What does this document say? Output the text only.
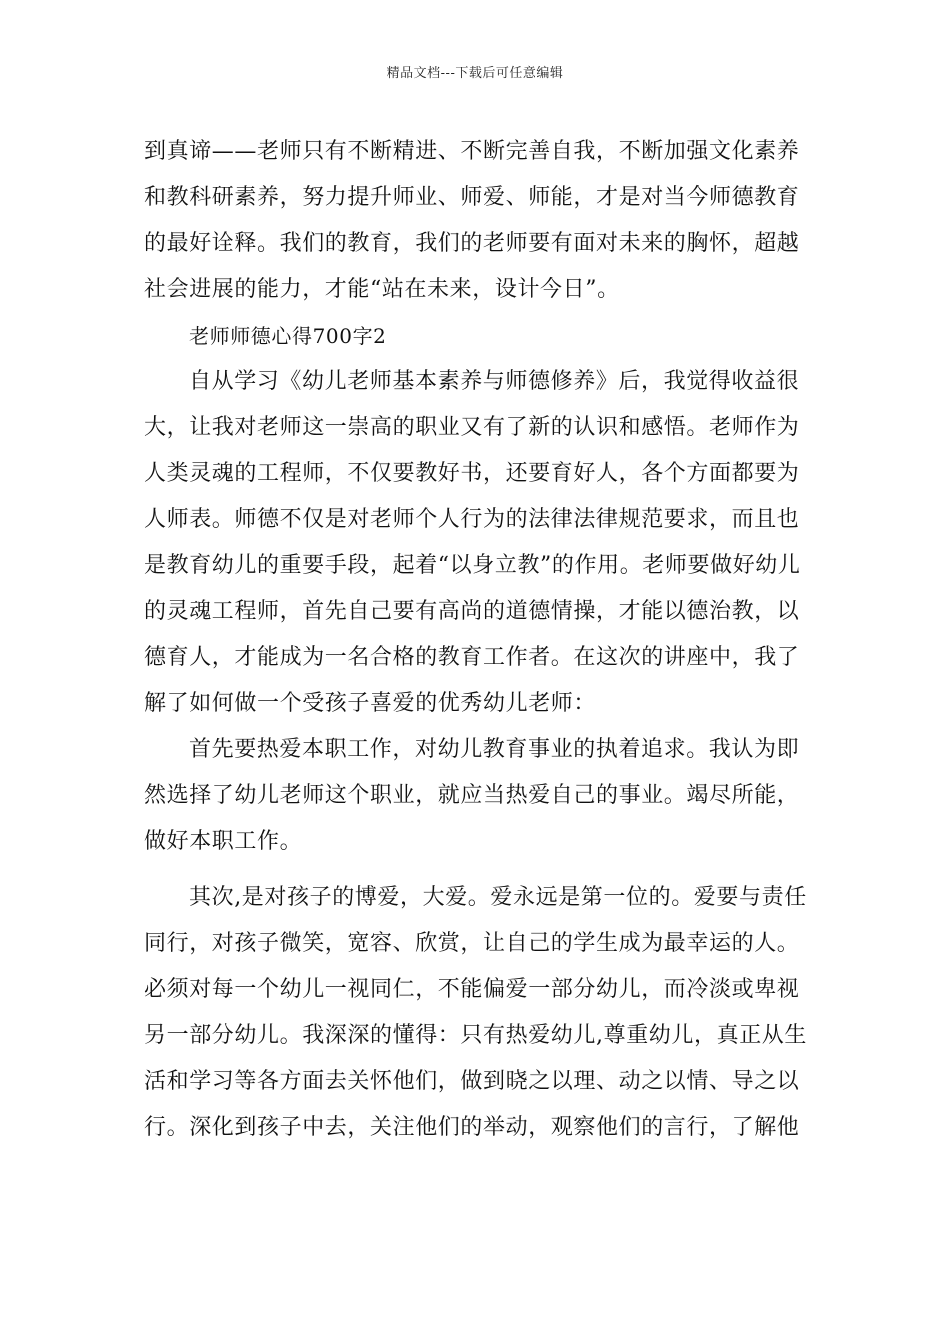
精品文档---下载后可任意编辑

到真谛——老师只有不断精进、不断完善自我，不断加强文化素养和教科研素养，努力提升师业、师爱、师能，才是对当今师德教育的最好诠释。我们的教育，我们的老师要有面对未来的胸怀，超越社会进展的能力，才能“站在未来，设计今日”。

老师师德心得700字2

自从学习《幼儿老师基本素养与师德修养》后，我觉得收益很大，让我对老师这一崇高的职业又有了新的认识和感悟。老师作为人类灵魂的工程师，不仅要教好书，还要育好人，各个方面都要为人师表。师德不仅是对老师个人行为的法律法律规范要求，而且也是教育幼儿的重要手段，起着“以身立教”的作用。老师要做好幼儿的灵魂工程师，首先自己要有高尚的道德情操，才能以德治教，以德育人，才能成为一名合格的教育工作者。在这次的讲座中，我了解了如何做一个受孩子喜爱的优秀幼儿老师：

首先要热爱本职工作，对幼儿教育事业的执着追求。我认为即然选择了幼儿老师这个职业，就应当热爱自己的事业。竭尽所能，做好本职工作。

其次,是对孩子的博爱，大爱。爱永远是第一位的。爱要与责任同行，对孩子微笑，宽容、欣赏，让自己的学生成为最幸运的人。必须对每一个幼儿一视同仁，不能偏爱一部分幼儿，而冷淡或卑视另一部分幼儿。我深深的懂得：只有热爱幼儿,尊重幼儿，真正从生活和学习等各方面去关怀他们，做到晓之以理、动之以情、导之以行。深化到孩子中去，关注他们的举动，观察他们的言行，了解他
